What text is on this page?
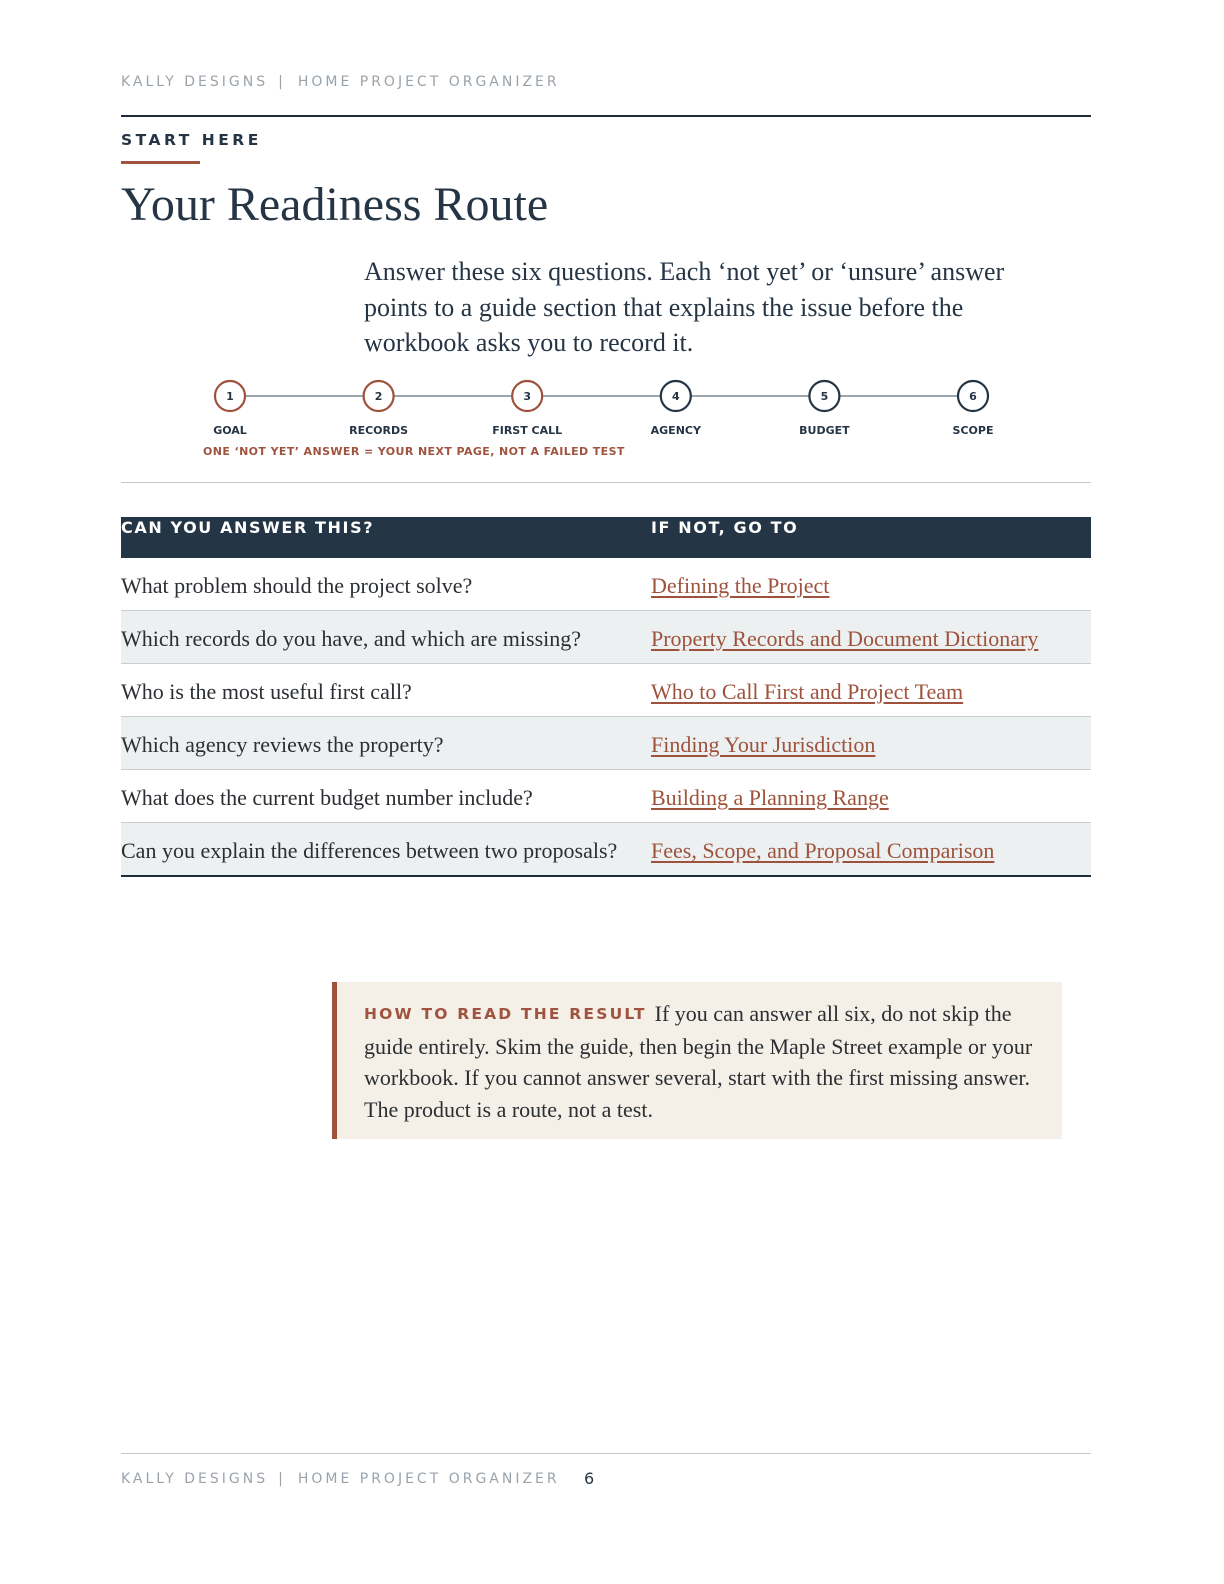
KALLY DESIGNS | HOME PROJECT ORGANIZER
START HERE
Your Readiness Route

Answer these six questions. Each ‘not yet’ or ‘unsure’ answer points to a guide section that explains the issue before the workbook asks you to record it.

1
GOAL
2
RECORDS
3
FIRST CALL
4
AGENCY
5
BUDGET
6
SCOPE
ONE ‘NOT YET’ ANSWER = YOUR NEXT PAGE, NOT A FAILED TEST
CAN YOU ANSWER THIS?	IF NOT, GO TO

What problem should the project solve?	Defining the Project
Which records do you have, and which are missing?	Property Records and Document Dictionary
Who is the most useful first call?	Who to Call First and Project Team
Which agency reviews the property?	Finding Your Jurisdiction
What does the current budget number include?	Building a Planning Range
Can you explain the differences between two proposals?	Fees, Scope, and Proposal Comparison

HOW TO READ THE RESULT If you can answer all six, do not skip the guide entirely. Skim the guide, then begin the Maple Street example or your workbook. If you cannot answer several, start with the first missing answer. The product is a route, not a test.

KALLY DESIGNS | HOME PROJECT ORGANIZER 6
